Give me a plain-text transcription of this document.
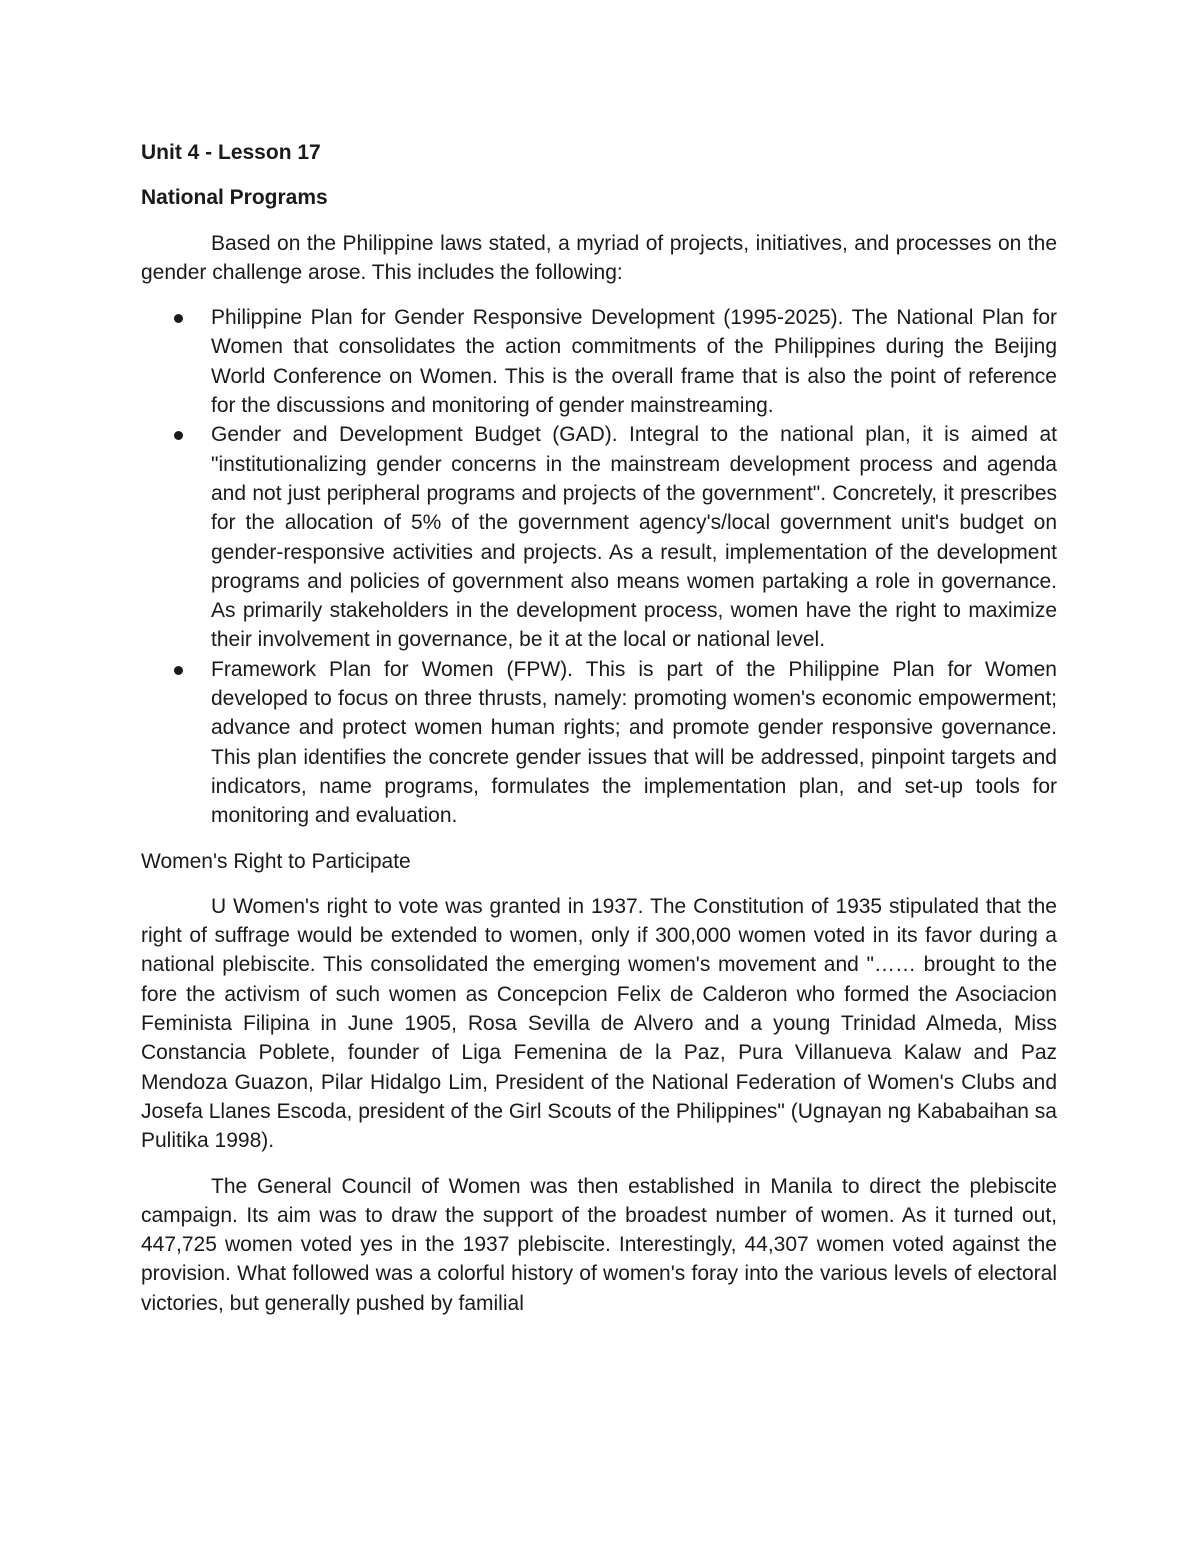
Unit 4 - Lesson 17

National Programs

Based on the Philippine laws stated, a myriad of projects, initiatives, and processes on the gender challenge arose. This includes the following:

Philippine Plan for Gender Responsive Development (1995-2025). The National Plan for Women that consolidates the action commitments of the Philippines during the Beijing World Conference on Women. This is the overall frame that is also the point of reference for the discussions and monitoring of gender mainstreaming.
Gender and Development Budget (GAD). Integral to the national plan, it is aimed at "institutionalizing gender concerns in the mainstream development process and agenda and not just peripheral programs and projects of the government". Concretely, it prescribes for the allocation of 5% of the government agency's/local government unit's budget on gender-responsive activities and projects. As a result, implementation of the development programs and policies of government also means women partaking a role in governance. As primarily stakeholders in the development process, women have the right to maximize their involvement in governance, be it at the local or national level.
Framework Plan for Women (FPW). This is part of the Philippine Plan for Women developed to focus on three thrusts, namely: promoting women's economic empowerment; advance and protect women human rights; and promote gender responsive governance. This plan identifies the concrete gender issues that will be addressed, pinpoint targets and indicators, name programs, formulates the implementation plan, and set-up tools for monitoring and evaluation.

Women's Right to Participate

U Women's right to vote was granted in 1937. The Constitution of 1935 stipulated that the right of suffrage would be extended to women, only if 300,000 women voted in its favor during a national plebiscite. This consolidated the emerging women's movement and "…… brought to the fore the activism of such women as Concepcion Felix de Calderon who formed the Asociacion Feminista Filipina in June 1905, Rosa Sevilla de Alvero and a young Trinidad Almeda, Miss Constancia Poblete, founder of Liga Femenina de la Paz, Pura Villanueva Kalaw and Paz Mendoza Guazon, Pilar Hidalgo Lim, President of the National Federation of Women's Clubs and Josefa Llanes Escoda, president of the Girl Scouts of the Philippines" (Ugnayan ng Kababaihan sa Pulitika 1998).

The General Council of Women was then established in Manila to direct the plebiscite campaign. Its aim was to draw the support of the broadest number of women. As it turned out, 447,725 women voted yes in the 1937 plebiscite. Interestingly, 44,307 women voted against the provision. What followed was a colorful history of women's foray into the various levels of electoral victories, but generally pushed by familial
